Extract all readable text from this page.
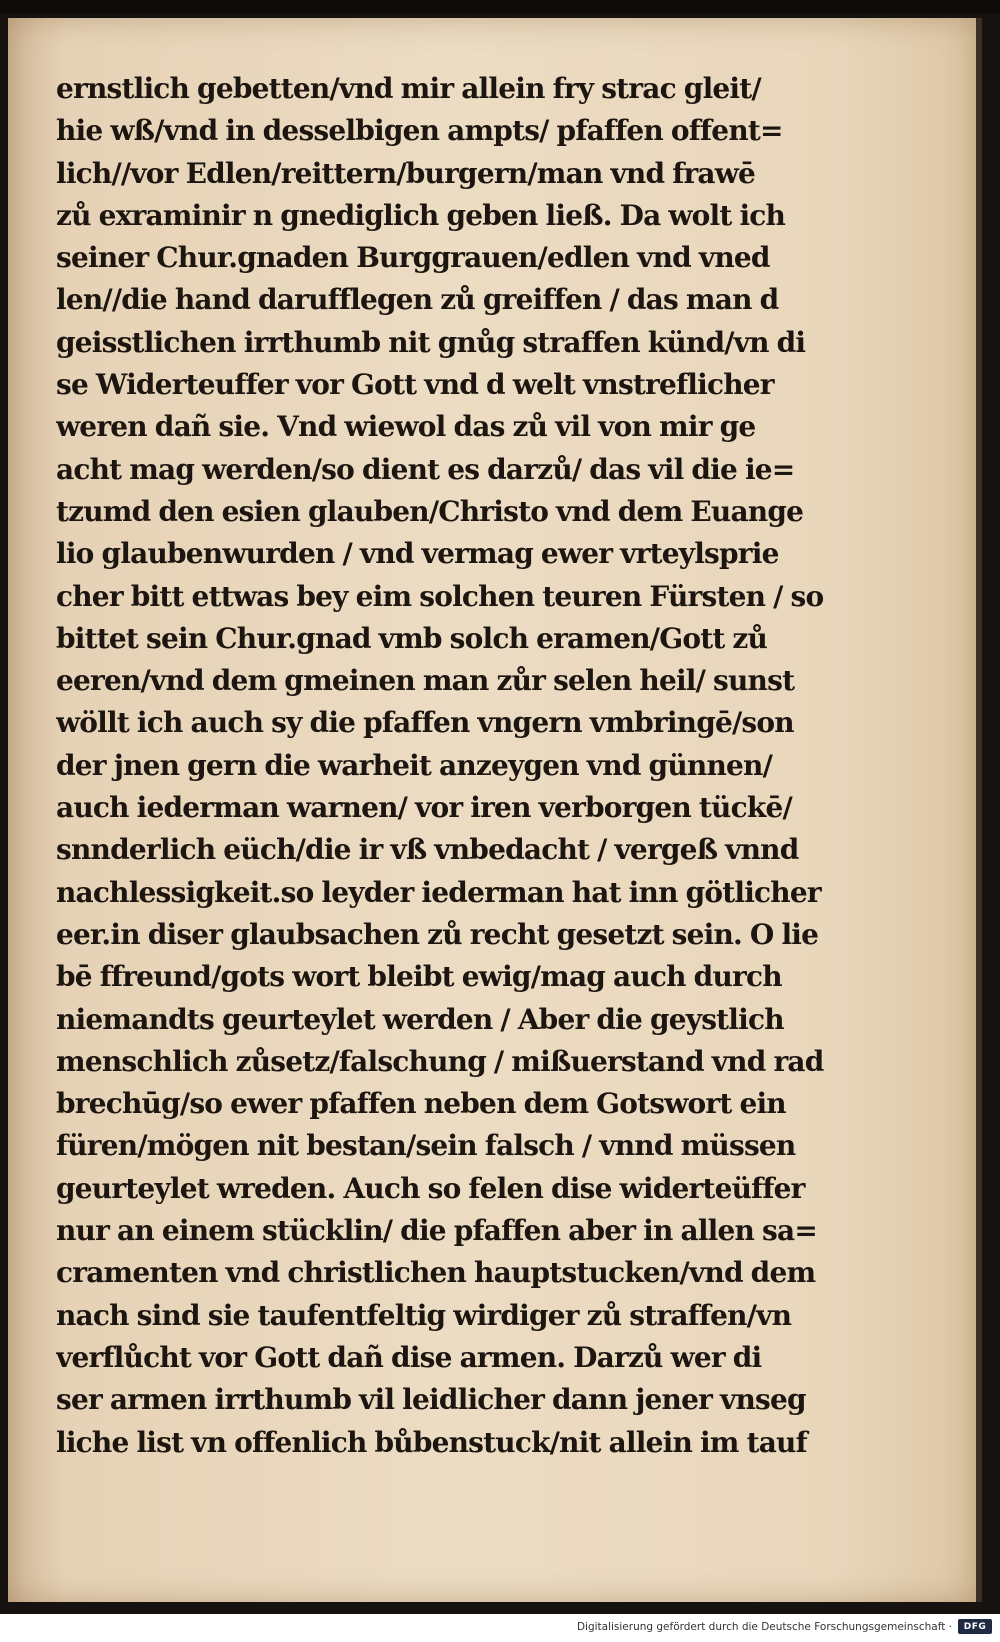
ernstlich gebetten/vnd mir allein fry strac gleit/
hie wß/vnd in desselbigen ampts/ pfaffen offent=
lich//vor Edlen/reittern/burgern/man vnd frawē
zů exraminir n gnediglich geben ließ. Da wolt ich
seiner Chur.gnaden Burggrauen/edlen vnd vned
len//die hand darufflegen zů greiffen / das man d
geisstlichen irrthumb nit gnůg straffen künd/vn di
se Widerteuffer vor Gott vnd d welt vnstreflicher
weren dañ sie. Vnd wiewol das zů vil von mir ge
acht mag werden/so dient es darzů/ das vil die ie=
tzumd den esien glauben/Christo vnd dem Euange
lio glaubenwurden / vnd vermag ewer vrteylsprie
cher bitt ettwas bey eim solchen teuren Fürsten / so
bittet sein Chur.gnad vmb solch eramen/Gott zů
eeren/vnd dem gmeinen man zůr selen heil/ sunst
wöllt ich auch sy die pfaffen vngern vmbringē/son
der jnen gern die warheit anzeygen vnd günnen/
auch iederman warnen/ vor iren verborgen tückē/
snnderlich eüch/die ir vß vnbedacht / vergeß vnnd
nachlessigkeit.so leyder iederman hat inn götlicher
eer.in diser glaubsachen zů recht gesetzt sein. O lie
bē ffreund/gots wort bleibt ewig/mag auch durch
niemandts geurteylet werden / Aber die geystlich
menschlich zůsetz/falschung / mißuerstand vnd rad
brechūg/so ewer pfaffen neben dem Gotswort ein
füren/mögen nit bestan/sein falsch / vnnd müssen
geurteylet wreden. Auch so felen dise widerteüffer
nur an einem stücklin/ die pfaffen aber in allen sa=
cramenten vnd christlichen hauptstucken/vnd dem
nach sind sie taufentfeltig wirdiger zů straffen/vn
verflůcht vor Gott dañ dise armen. Darzů wer di
ser armen irrthumb vil leidlicher dann jener vnseg
liche list vn offenlich bůbenstuck/nit allein im tauf
Digitalisierung gefördert durch die Deutsche Forschungsgemeinschaft · DFG
